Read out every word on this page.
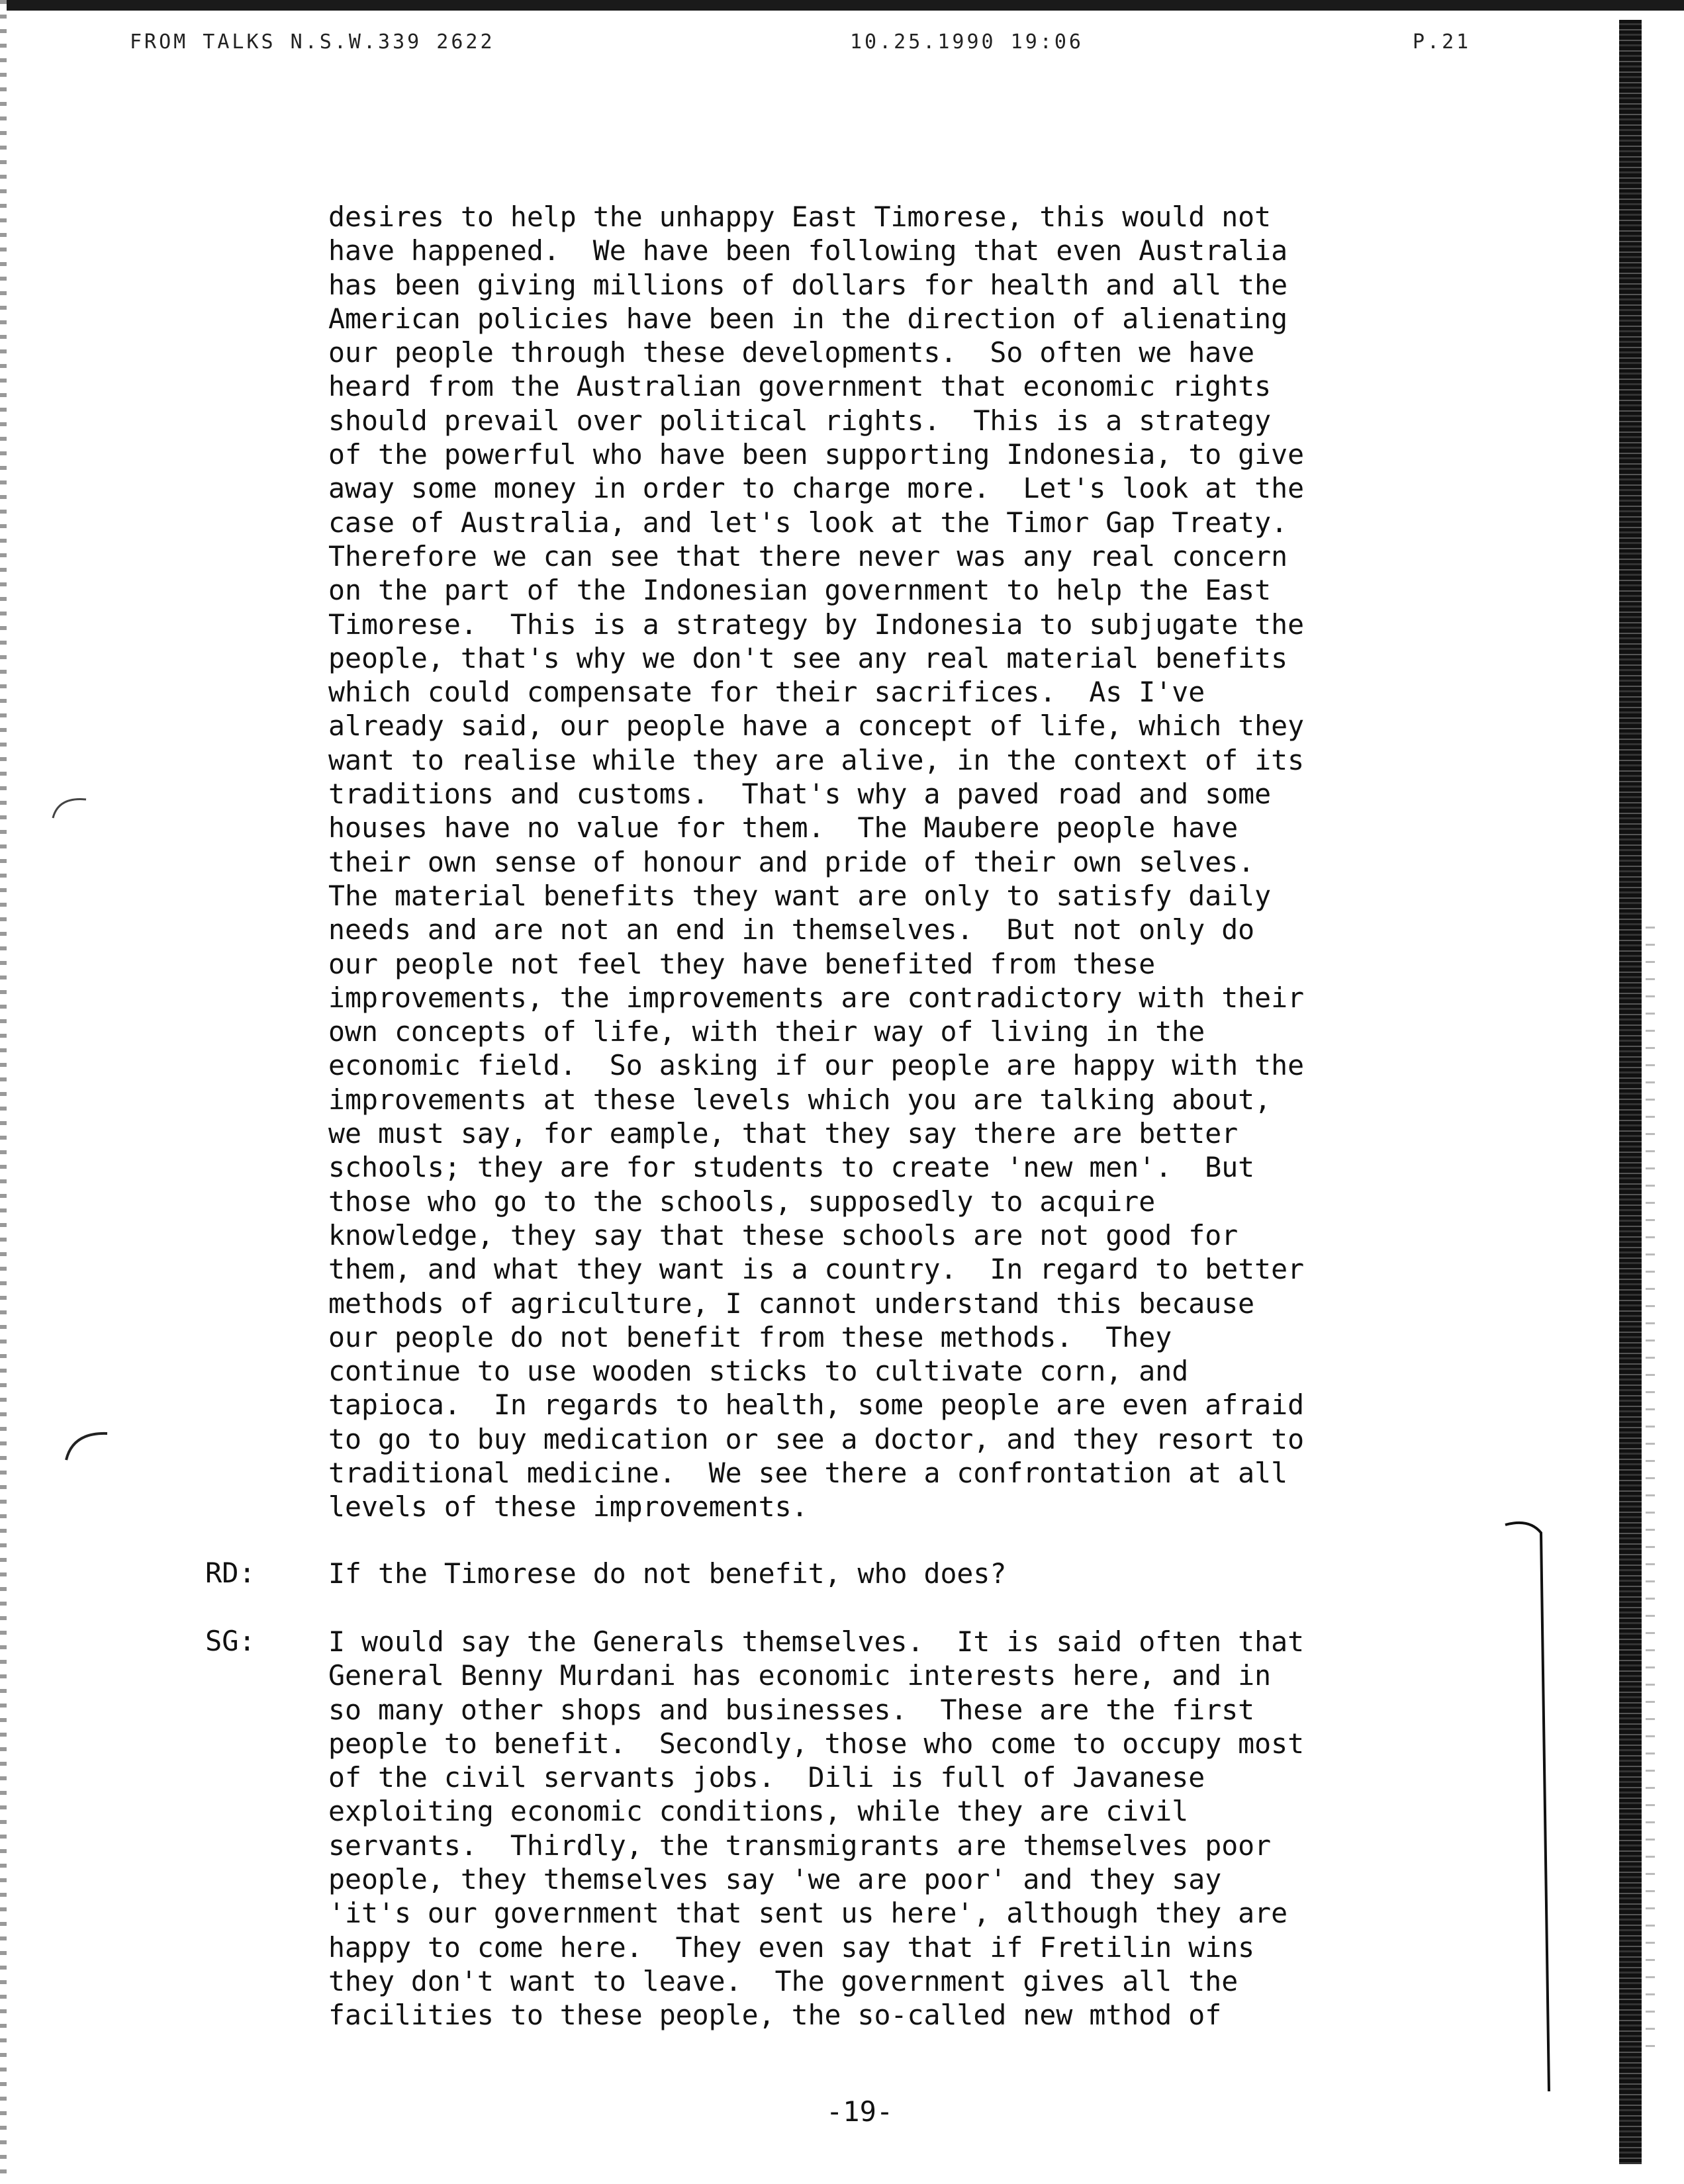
FROM TALKS N.S.W.339 2622	10.25.1990 19:06	P.21
desires to help the unhappy East Timorese, this would not
have happened.  We have been following that even Australia
has been giving millions of dollars for health and all the
American policies have been in the direction of alienating
our people through these developments.  So often we have
heard from the Australian government that economic rights
should prevail over political rights.  This is a strategy
of the powerful who have been supporting Indonesia, to give
away some money in order to charge more.  Let's look at the
case of Australia, and let's look at the Timor Gap Treaty.
Therefore we can see that there never was any real concern
on the part of the Indonesian government to help the East
Timorese.  This is a strategy by Indonesia to subjugate the
people, that's why we don't see any real material benefits
which could compensate for their sacrifices.  As I've
already said, our people have a concept of life, which they
want to realise while they are alive, in the context of its
traditions and customs.  That's why a paved road and some
houses have no value for them.  The Maubere people have
their own sense of honour and pride of their own selves.
The material benefits they want are only to satisfy daily
needs and are not an end in themselves.  But not only do
our people not feel they have benefited from these
improvements, the improvements are contradictory with their
own concepts of life, with their way of living in the
economic field.  So asking if our people are happy with the
improvements at these levels which you are talking about,
we must say, for eample, that they say there are better
schools; they are for students to create 'new men'.  But
those who go to the schools, supposedly to acquire
knowledge, they say that these schools are not good for
them, and what they want is a country.  In regard to better
methods of agriculture, I cannot understand this because
our people do not benefit from these methods.  They
continue to use wooden sticks to cultivate corn, and
tapioca.  In regards to health, some people are even afraid
to go to buy medication or see a doctor, and they resort to
traditional medicine.  We see there a confrontation at all
levels of these improvements.
RD:	If the Timorese do not benefit, who does?
SG:	I would say the Generals themselves.  It is said often that
General Benny Murdani has economic interests here, and in
so many other shops and businesses.  These are the first
people to benefit.  Secondly, those who come to occupy most
of the civil servants jobs.  Dili is full of Javanese
exploiting economic conditions, while they are civil
servants.  Thirdly, the transmigrants are themselves poor
people, they themselves say 'we are poor' and they say
'it's our government that sent us here', although they are
happy to come here.  They even say that if Fretilin wins
they don't want to leave.  The government gives all the
facilities to these people, the so-called new mthod of
-19-
